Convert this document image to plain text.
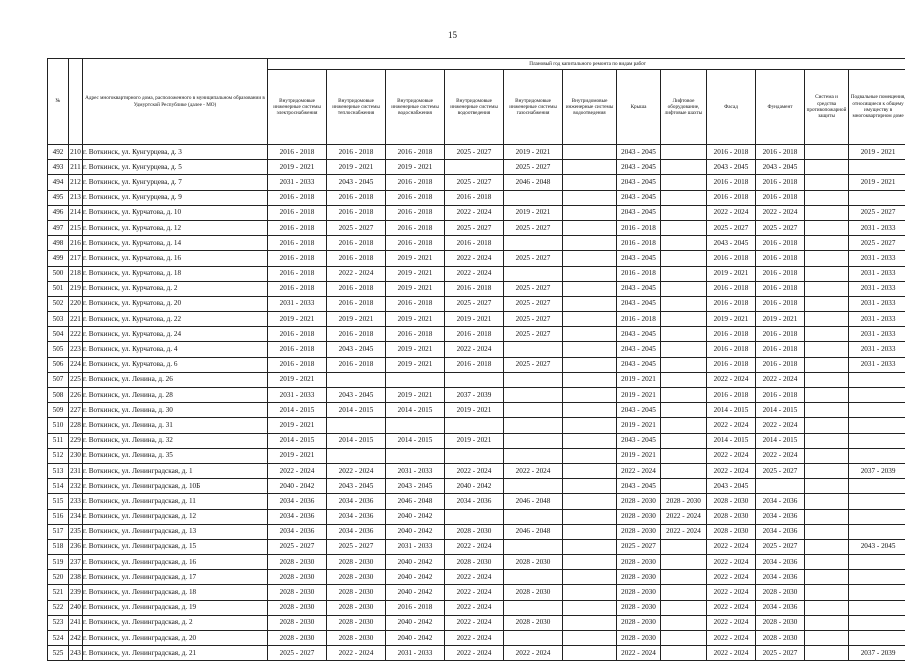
15
№		Адрес многоквартирного дома, расположенного в муниципальном образовании в Удмуртской Республике (далее - МО)	Плановый год капитального ремонта по видам работ											
			Внутридомовые инженерные системы электроснабжения	Внутридомовые инженерные системы теплоснабжения	Внутридомовые инженерные системы водоснабжения	Внутридомовые инженерные системы водоотведения	Внутридомовые инженерные системы газоснабжения	Внутридомовые инженерные системы водоотведения	Крыша	Лифтовое оборудование, лифтовые шахты	Фасад	Фундамент	Система и средства противопожарной защиты	Подвальные помещения, относящиеся к общему имуществу в многоквартирном доме
492	210	г. Воткинск, ул. Кунгурцева, д. 3	2016 - 2018	2016 - 2018	2016 - 2018	2025 - 2027	2019 - 2021		2043 - 2045		2016 - 2018	2016 - 2018		2019 - 2021
493	211	г. Воткинск, ул. Кунгурцева, д. 5	2019 - 2021	2019 - 2021	2019 - 2021		2025 - 2027		2043 - 2045		2043 - 2045	2043 - 2045		
494	212	г. Воткинск, ул. Кунгурцева, д. 7	2031 - 2033	2043 - 2045	2016 - 2018	2025 - 2027	2046 - 2048		2043 - 2045		2016 - 2018	2016 - 2018		2019 - 2021
495	213	г. Воткинск, ул. Кунгурцева, д. 9	2016 - 2018	2016 - 2018	2016 - 2018	2016 - 2018			2043 - 2045		2016 - 2018	2016 - 2018		
496	214	г. Воткинск, ул. Курчатова, д. 10	2016 - 2018	2016 - 2018	2016 - 2018	2022 - 2024	2019 - 2021		2043 - 2045		2022 - 2024	2022 - 2024		2025 - 2027
497	215	г. Воткинск, ул. Курчатова, д. 12	2016 - 2018	2025 - 2027	2016 - 2018	2025 - 2027	2025 - 2027		2016 - 2018		2025 - 2027	2025 - 2027		2031 - 2033
498	216	г. Воткинск, ул. Курчатова, д. 14	2016 - 2018	2016 - 2018	2016 - 2018	2016 - 2018			2016 - 2018		2043 - 2045	2016 - 2018		2025 - 2027
499	217	г. Воткинск, ул. Курчатова, д. 16	2016 - 2018	2016 - 2018	2019 - 2021	2022 - 2024	2025 - 2027		2043 - 2045		2016 - 2018	2016 - 2018		2031 - 2033
500	218	г. Воткинск, ул. Курчатова, д. 18	2016 - 2018	2022 - 2024	2019 - 2021	2022 - 2024			2016 - 2018		2019 - 2021	2016 - 2018		2031 - 2033
501	219	г. Воткинск, ул. Курчатова, д. 2	2016 - 2018	2016 - 2018	2019 - 2021	2016 - 2018	2025 - 2027		2043 - 2045		2016 - 2018	2016 - 2018		2031 - 2033
502	220	г. Воткинск, ул. Курчатова, д. 20	2031 - 2033	2016 - 2018	2016 - 2018	2025 - 2027	2025 - 2027		2043 - 2045		2016 - 2018	2016 - 2018		2031 - 2033
503	221	г. Воткинск, ул. Курчатова, д. 22	2019 - 2021	2019 - 2021	2019 - 2021	2019 - 2021	2025 - 2027		2016 - 2018		2019 - 2021	2019 - 2021		2031 - 2033
504	222	г. Воткинск, ул. Курчатова, д. 24	2016 - 2018	2016 - 2018	2016 - 2018	2016 - 2018	2025 - 2027		2043 - 2045		2016 - 2018	2016 - 2018		2031 - 2033
505	223	г. Воткинск, ул. Курчатова, д. 4	2016 - 2018	2043 - 2045	2019 - 2021	2022 - 2024			2043 - 2045		2016 - 2018	2016 - 2018		2031 - 2033
506	224	г. Воткинск, ул. Курчатова, д. 6	2016 - 2018	2016 - 2018	2019 - 2021	2016 - 2018	2025 - 2027		2043 - 2045		2016 - 2018	2016 - 2018		2031 - 2033
507	225	г. Воткинск, ул. Ленина, д. 26	2019 - 2021						2019 - 2021		2022 - 2024	2022 - 2024		
508	226	г. Воткинск, ул. Ленина, д. 28	2031 - 2033	2043 - 2045	2019 - 2021	2037 - 2039			2019 - 2021		2016 - 2018	2016 - 2018		
509	227	г. Воткинск, ул. Ленина, д. 30	2014 - 2015	2014 - 2015	2014 - 2015	2019 - 2021			2043 - 2045		2014 - 2015	2014 - 2015		
510	228	г. Воткинск, ул. Ленина, д. 31	2019 - 2021						2019 - 2021		2022 - 2024	2022 - 2024		
511	229	г. Воткинск, ул. Ленина, д. 32	2014 - 2015	2014 - 2015	2014 - 2015	2019 - 2021			2043 - 2045		2014 - 2015	2014 - 2015		
512	230	г. Воткинск, ул. Ленина, д. 35	2019 - 2021						2019 - 2021		2022 - 2024	2022 - 2024		
513	231	г. Воткинск, ул. Ленинградская, д. 1	2022 - 2024	2022 - 2024	2031 - 2033	2022 - 2024	2022 - 2024		2022 - 2024		2022 - 2024	2025 - 2027		2037 - 2039
514	232	г. Воткинск, ул. Ленинградская, д. 10Б	2040 - 2042	2043 - 2045	2043 - 2045	2040 - 2042			2043 - 2045		2043 - 2045			
515	233	г. Воткинск, ул. Ленинградская, д. 11	2034 - 2036	2034 - 2036	2046 - 2048	2034 - 2036	2046 - 2048		2028 - 2030	2028 - 2030	2028 - 2030	2034 - 2036		
516	234	г. Воткинск, ул. Ленинградская, д. 12	2034 - 2036	2034 - 2036	2040 - 2042				2028 - 2030	2022 - 2024	2028 - 2030	2034 - 2036		
517	235	г. Воткинск, ул. Ленинградская, д. 13	2034 - 2036	2034 - 2036	2040 - 2042	2028 - 2030	2046 - 2048		2028 - 2030	2022 - 2024	2028 - 2030	2034 - 2036		
518	236	г. Воткинск, ул. Ленинградская, д. 15	2025 - 2027	2025 - 2027	2031 - 2033	2022 - 2024			2025 - 2027		2022 - 2024	2025 - 2027		2043 - 2045
519	237	г. Воткинск, ул. Ленинградская, д. 16	2028 - 2030	2028 - 2030	2040 - 2042	2028 - 2030	2028 - 2030		2028 - 2030		2022 - 2024	2034 - 2036		
520	238	г. Воткинск, ул. Ленинградская, д. 17	2028 - 2030	2028 - 2030	2040 - 2042	2022 - 2024			2028 - 2030		2022 - 2024	2034 - 2036		
521	239	г. Воткинск, ул. Ленинградская, д. 18	2028 - 2030	2028 - 2030	2040 - 2042	2022 - 2024	2028 - 2030		2028 - 2030		2022 - 2024	2028 - 2030		
522	240	г. Воткинск, ул. Ленинградская, д. 19	2028 - 2030	2028 - 2030	2016 - 2018	2022 - 2024			2028 - 2030		2022 - 2024	2034 - 2036		
523	241	г. Воткинск, ул. Ленинградская, д. 2	2028 - 2030	2028 - 2030	2040 - 2042	2022 - 2024	2028 - 2030		2028 - 2030		2022 - 2024	2028 - 2030		
524	242	г. Воткинск, ул. Ленинградская, д. 20	2028 - 2030	2028 - 2030	2040 - 2042	2022 - 2024			2028 - 2030		2022 - 2024	2028 - 2030		
525	243	г. Воткинск, ул. Ленинградская, д. 21	2025 - 2027	2022 - 2024	2031 - 2033	2022 - 2024	2022 - 2024		2022 - 2024		2022 - 2024	2025 - 2027		2037 - 2039
